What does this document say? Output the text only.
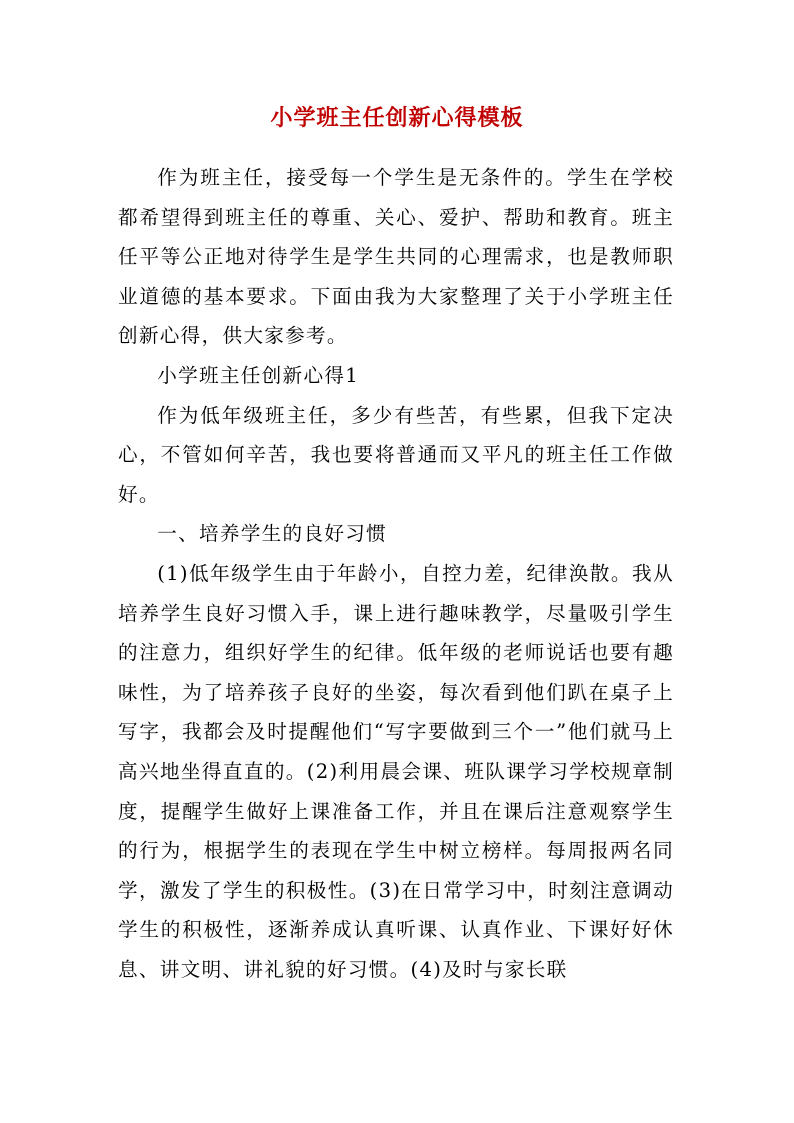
小学班主任创新心得模板

作为班主任，接受每一个学生是无条件的。学生在学校都希望得到班主任的尊重、关心、爱护、帮助和教育。班主任平等公正地对待学生是学生共同的心理需求，也是教师职业道德的基本要求。下面由我为大家整理了关于小学班主任创新心得，供大家参考。

小学班主任创新心得1

作为低年级班主任，多少有些苦，有些累，但我下定决心，不管如何辛苦，我也要将普通而又平凡的班主任工作做好。

一、培养学生的良好习惯

(1)低年级学生由于年龄小，自控力差，纪律涣散。我从培养学生良好习惯入手，课上进行趣味教学，尽量吸引学生的注意力，组织好学生的纪律。低年级的老师说话也要有趣味性，为了培养孩子良好的坐姿，每次看到他们趴在桌子上写字，我都会及时提醒他们“写字要做到三个一”他们就马上高兴地坐得直直的。(2)利用晨会课、班队课学习学校规章制度，提醒学生做好上课准备工作，并且在课后注意观察学生的行为，根据学生的表现在学生中树立榜样。每周报两名同学，激发了学生的积极性。(3)在日常学习中，时刻注意调动学生的积极性，逐渐养成认真听课、认真作业、下课好好休息、讲文明、讲礼貌的好习惯。(4)及时与家长联
